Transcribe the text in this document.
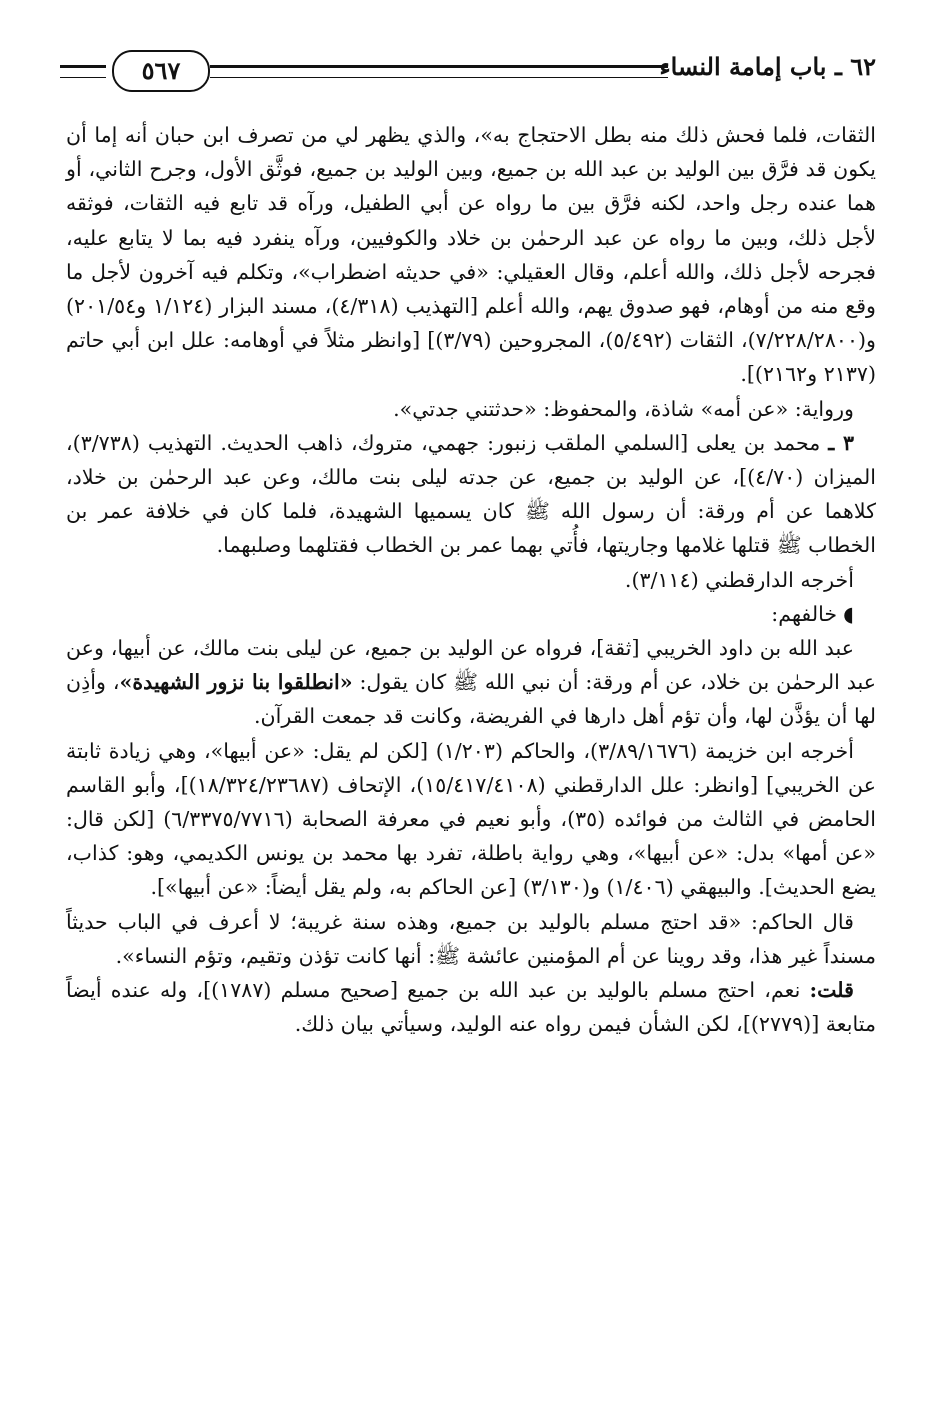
٦٢ ـ باب إمامة النساء
٥٦٧

الثقات، فلما فحش ذلك منه بطل الاحتجاج به»، والذي يظهر لي من تصرف ابن حبان أنه إما أن يكون قد فرَّق بين الوليد بن عبد الله بن جميع، وبين الوليد بن جميع، فوثَّق الأول، وجرح الثاني، أو هما عنده رجل واحد، لكنه فرَّق بين ما رواه عن أبي الطفيل، ورآه قد تابع فيه الثقات، فوثقه لأجل ذلك، وبين ما رواه عن عبد الرحمٰن بن خلاد والكوفيين، ورآه ينفرد فيه بما لا يتابع عليه، فجرحه لأجل ذلك، والله أعلم، وقال العقيلي: «في حديثه اضطراب»، وتكلم فيه آخرون لأجل ما وقع منه من أوهام، فهو صدوق يهم، والله أعلم [التهذيب (٤/٣١٨)، مسند البزار (١/١٢٤ و٢٠١/٥٤) و(٧/٢٢٨/٢٨٠٠)، الثقات (٥/٤٩٢)، المجروحين (٣/٧٩)] [وانظر مثلاً في أوهامه: علل ابن أبي حاتم (٢١٣٧ و٢١٦٢)].

ورواية: «عن أمه» شاذة، والمحفوظ: «حدثتني جدتي».

٣ ـ محمد بن يعلى [السلمي الملقب زنبور: جهمي، متروك، ذاهب الحديث. التهذيب (٣/٧٣٨)، الميزان (٤/٧٠)]، عن الوليد بن جميع، عن جدته ليلى بنت مالك، وعن عبد الرحمٰن بن خلاد، كلاهما عن أم ورقة: أن رسول الله ﷺ كان يسميها الشهيدة، فلما كان في خلافة عمر بن الخطاب ﷺ قتلها غلامها وجاريتها، فأُتي بهما عمر بن الخطاب فقتلهما وصلبهما.

أخرجه الدارقطني (٣/١١٤).

◖خالفهم:

عبد الله بن داود الخريبي [ثقة]، فرواه عن الوليد بن جميع، عن ليلى بنت مالك، عن أبيها، وعن عبد الرحمٰن بن خلاد، عن أم ورقة: أن نبي الله ﷺ كان يقول: «انطلقوا بنا نزور الشهيدة»، وأذِن لها أن يؤذَّن لها، وأن تؤم أهل دارها في الفريضة، وكانت قد جمعت القرآن.

أخرجه ابن خزيمة (٣/٨٩/١٦٧٦)، والحاكم (١/٢٠٣) [لكن لم يقل: «عن أبيها»، وهي زيادة ثابتة عن الخريبي] [وانظر: علل الدارقطني (١٥/٤١٧/٤١٠٨)، الإتحاف (١٨/٣٢٤/٢٣٦٨٧)]، وأبو القاسم الحامض في الثالث من فوائده (٣٥)، وأبو نعيم في معرفة الصحابة (٦/٣٣٧٥/٧٧١٦) [لكن قال: «عن أمها» بدل: «عن أبيها»، وهي رواية باطلة، تفرد بها محمد بن يونس الكديمي، وهو: كذاب، يضع الحديث]. والبيهقي (١/٤٠٦) و(٣/١٣٠) [عن الحاكم به، ولم يقل أيضاً: «عن أبيها»].

قال الحاكم: «قد احتج مسلم بالوليد بن جميع، وهذه سنة غريبة؛ لا أعرف في الباب حديثاً مسنداً غير هذا، وقد روينا عن أم المؤمنين عائشة ﷺ: أنها كانت تؤذن وتقيم، وتؤم النساء».

قلت: نعم، احتج مسلم بالوليد بن عبد الله بن جميع [صحيح مسلم (١٧٨٧)]، وله عنده أيضاً متابعة [(٢٧٧٩)]، لكن الشأن فيمن رواه عنه الوليد، وسيأتي بيان ذلك.
